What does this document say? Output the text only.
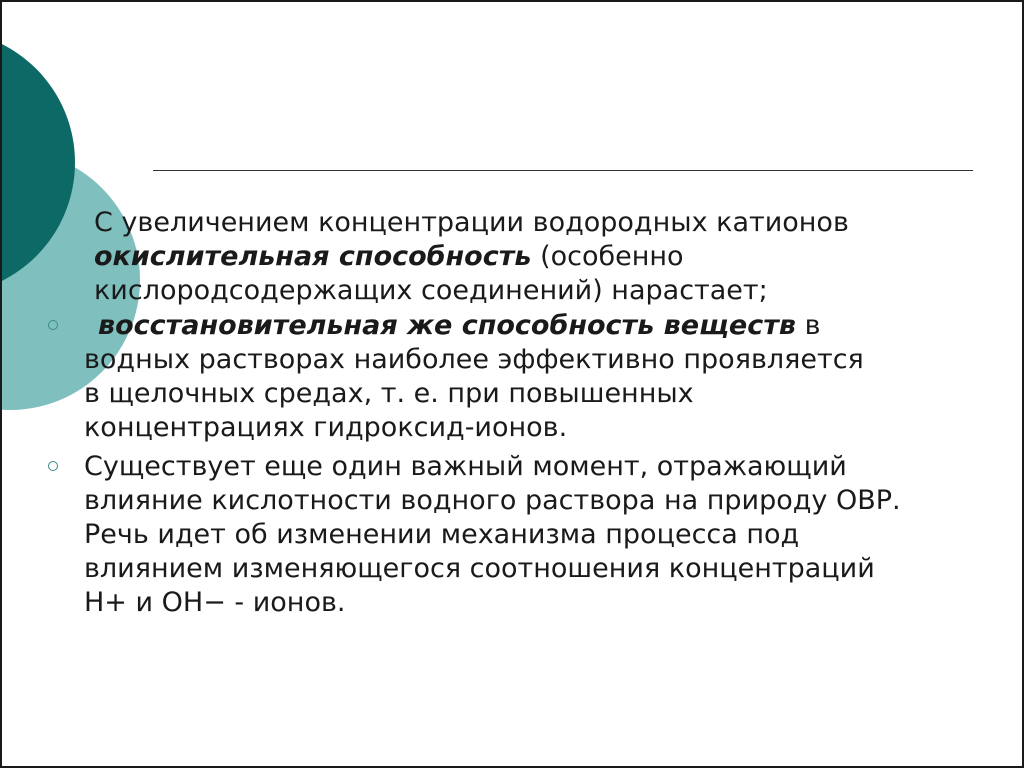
С увеличением концентрации водородных катионов
окислительная способность (особенно
кислородсодержащих соединений) нарастает;
восстановительная же способность веществ в
водных растворах наиболее эффективно проявляется
в щелочных средах, т. е. при повышенных
концентрациях гидроксид-ионов.
Существует еще один важный момент, отражающий
влияние кислотности водного раствора на природу ОВР.
Речь идет об изменении механизма процесса под
влиянием изменяющегося соотношения концентраций
Н+ и ОН− - ионов.
